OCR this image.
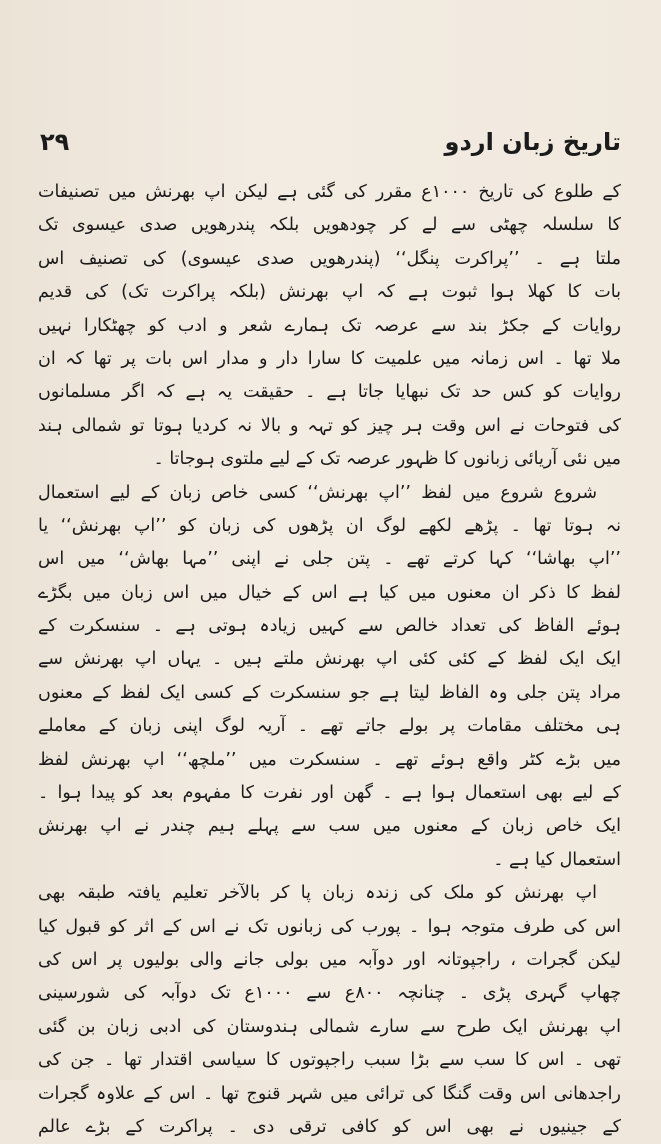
تاریخ زبان اردو
۲۹
کے طلوع کی تاریخ ۱۰۰۰ع مقرر کی گئی ہے لیکن اپ بھرنش میں تصنیفات
کا سلسلہ چھٹی سے لے کر چودھویں بلکہ پندرھویں صدی عیسوی تک
ملتا ہے ۔ ’’پراکرت پنگل‘‘ (پندرھویں صدی عیسوی) کی تصنیف اس
بات کا کھلا ہوا ثبوت ہے کہ اپ بھرنش (بلکہ پراکرت تک) کی قدیم
روایات کے جکڑ بند سے عرصہ تک ہمارے شعر و ادب کو چھٹکارا نہیں
ملا تھا ۔ اس زمانہ میں علمیت کا سارا دار و مدار اس بات پر تھا کہ ان
روایات کو کس حد تک نبھایا جاتا ہے ۔ حقیقت یہ ہے کہ اگر مسلمانوں
کی فتوحات نے اس وقت ہر چیز کو تہہ و بالا نہ کردیا ہوتا تو شمالی ہند
میں نئی آریائی زبانوں کا ظہور عرصہ تک کے لیے ملتوی ہوجاتا ۔
شروع شروع میں لفظ ’’اپ بھرنش‘‘ کسی خاص زبان کے لیے استعمال
نہ ہوتا تھا ۔ پڑھے لکھے لوگ ان پڑھوں کی زبان کو ’’اپ بھرنش‘‘ یا
’’اپ بھاشا‘‘ کہا کرتے تھے ۔ پتن جلی نے اپنی ’’مہا بھاش‘‘ میں اس
لفظ کا ذکر ان معنوں میں کیا ہے اس کے خیال میں اس زبان میں بگڑے
ہوئے الفاظ کی تعداد خالص سے کہیں زیادہ ہوتی ہے ۔ سنسکرت کے
ایک ایک لفظ کے کئی کئی اپ بھرنش ملتے ہیں ۔ یہاں اپ بھرنش سے
مراد پتن جلی وہ الفاظ لیتا ہے جو سنسکرت کے کسی ایک لفظ کے معنوں
ہی مختلف مقامات پر بولے جاتے تھے ۔ آریہ لوگ اپنی زبان کے معاملے
میں بڑے کٹر واقع ہوئے تھے ۔ سنسکرت میں ’’ملچھ‘‘ اپ بھرنش لفظ
کے لیے بھی استعمال ہوا ہے ۔ گھن اور نفرت کا مفہوم بعد کو پیدا ہوا ۔
ایک خاص زبان کے معنوں میں سب سے پہلے ہیم چندر نے اپ بھرنش
استعمال کیا ہے ۔
اپ بھرنش کو ملک کی زندہ زبان پا کر بالآخر تعلیم یافتہ طبقہ بھی
اس کی طرف متوجہ ہوا ۔ پورب کی زبانوں تک نے اس کے اثر کو قبول کیا
لیکن گجرات ، راجپوتانہ اور دوآبہ میں بولی جانے والی بولیوں پر اس کی
چھاپ گہری پڑی ۔ چنانچہ ۸۰۰ع سے ۱۰۰۰ع تک دوآبہ کی شورسینی
اپ بھرنش ایک طرح سے سارے شمالی ہندوستان کی ادبی زبان بن گئی
تھی ۔ اس کا سب سے بڑا سبب راجپوتوں کا سیاسی اقتدار تھا ۔ جن کی
راجدھانی اس وقت گنگا کی ترائی میں شہر قنوج تھا ۔ اس کے علاوہ گجرات
کے جینیوں نے بھی اس کو کافی ترقی دی ۔ پراکرت کے بڑے عالم
